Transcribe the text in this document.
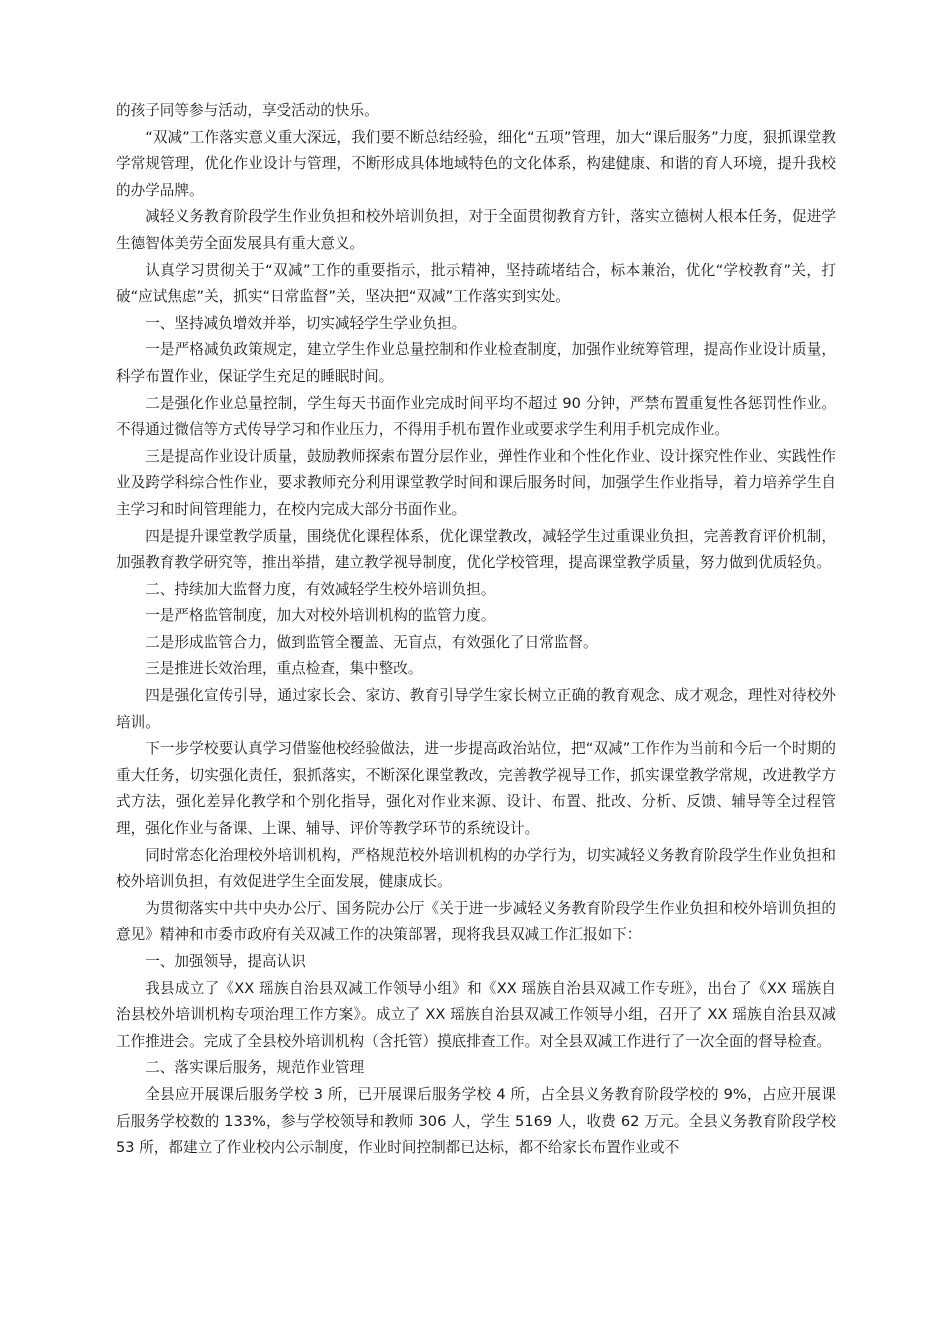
的孩子同等参与活动，享受活动的快乐。

“双减”工作落实意义重大深远，我们要不断总结经验，细化“五项”管理，加大“课后服务”力度，狠抓课堂教学常规管理，优化作业设计与管理，不断形成具体地域特色的文化体系，构建健康、和谐的育人环境，提升我校的办学品牌。

减轻义务教育阶段学生作业负担和校外培训负担，对于全面贯彻教育方针，落实立德树人根本任务，促进学生德智体美劳全面发展具有重大意义。

认真学习贯彻关于“双减”工作的重要指示，批示精神，坚持疏堵结合，标本兼治，优化“学校教育”关，打破“应试焦虑”关，抓实“日常监督”关，坚决把“双减”工作落实到实处。

一、坚持减负增效并举，切实减轻学生学业负担。

一是严格减负政策规定，建立学生作业总量控制和作业检查制度，加强作业统筹管理，提高作业设计质量，科学布置作业，保证学生充足的睡眠时间。

二是强化作业总量控制，学生每天书面作业完成时间平均不超过 90 分钟，严禁布置重复性各惩罚性作业。不得通过微信等方式传导学习和作业压力，不得用手机布置作业或要求学生利用手机完成作业。

三是提高作业设计质量，鼓励教师探索布置分层作业，弹性作业和个性化作业、设计探究性作业、实践性作业及跨学科综合性作业，要求教师充分利用课堂教学时间和课后服务时间，加强学生作业指导，着力培养学生自主学习和时间管理能力，在校内完成大部分书面作业。

四是提升课堂教学质量，围绕优化课程体系，优化课堂教改，减轻学生过重课业负担，完善教育评价机制，加强教育教学研究等，推出举措，建立教学视导制度，优化学校管理，提高课堂教学质量，努力做到优质轻负。

二、持续加大监督力度，有效减轻学生校外培训负担。

一是严格监管制度，加大对校外培训机构的监管力度。

二是形成监管合力，做到监管全覆盖、无盲点，有效强化了日常监督。

三是推进长效治理，重点检查，集中整改。

四是强化宣传引导，通过家长会、家访、教育引导学生家长树立正确的教育观念、成才观念，理性对待校外培训。

下一步学校要认真学习借鉴他校经验做法，进一步提高政治站位，把“双减”工作作为当前和今后一个时期的重大任务，切实强化责任，狠抓落实，不断深化课堂教改，完善教学视导工作，抓实课堂教学常规，改进教学方式方法，强化差异化教学和个别化指导，强化对作业来源、设计、布置、批改、分析、反馈、辅导等全过程管理，强化作业与备课、上课、辅导、评价等教学环节的系统设计。

同时常态化治理校外培训机构，严格规范校外培训机构的办学行为，切实减轻义务教育阶段学生作业负担和校外培训负担，有效促进学生全面发展，健康成长。

为贯彻落实中共中央办公厅、国务院办公厅《关于进一步减轻义务教育阶段学生作业负担和校外培训负担的意见》精神和市委市政府有关双减工作的决策部署，现将我县双减工作汇报如下：

一、加强领导，提高认识

我县成立了《XX 瑶族自治县双减工作领导小组》和《XX 瑶族自治县双减工作专班》，出台了《XX 瑶族自治县校外培训机构专项治理工作方案》。成立了 XX 瑶族自治县双减工作领导小组，召开了 XX 瑶族自治县双减工作推进会。完成了全县校外培训机构（含托管）摸底排查工作。对全县双减工作进行了一次全面的督导检查。

二、落实课后服务，规范作业管理

全县应开展课后服务学校 3 所，已开展课后服务学校 4 所，占全县义务教育阶段学校的 9%，占应开展课后服务学校数的 133%，参与学校领导和教师 306 人，学生 5169 人，收费 62 万元。全县义务教育阶段学校 53 所，都建立了作业校内公示制度，作业时间控制都已达标，都不给家长布置作业或不
